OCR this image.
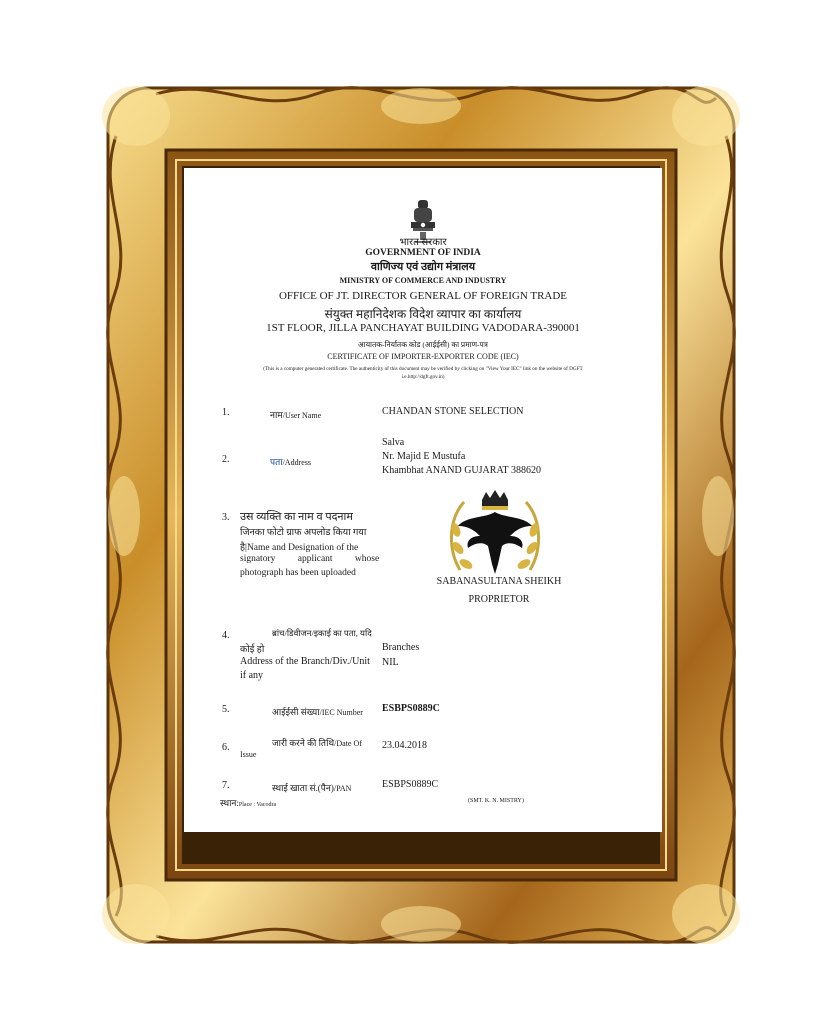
भारत सरकार
GOVERNMENT OF INDIA
वाणिज्य एवं उद्योग मंत्रालय
MINISTRY OF COMMERCE AND INDUSTRY
OFFICE OF JT. DIRECTOR GENERAL OF FOREIGN TRADE
संयुक्त महानिदेशक विदेश व्यापार का कार्यालय
1ST FLOOR, JILLA PANCHAYAT BUILDING VADODARA-390001
आयातक-निर्यातक कोड (आईईसी) का प्रमाण-पत्र
CERTIFICATE OF IMPORTER-EXPORTER CODE (IEC)
(This is a computer generated certificate. The authenticity of this document may be verified by clicking on "View Your IEC" link on the website of DGFT
i.e.http://dgft.gov.in)
1.	नाम/User Name	CHANDAN STONE SELECTION
2.	पता/Address
Salva
Nr. Majid E Mustufa
Khambhat ANAND GUJARAT 388620
3. उस व्यक्ति का नाम व पदनाम
जिनका फोटो ग्राफ अपलोड किया गया
है|Name and Designation of the
signatory applicant whose
photograph has been uploaded
SABANASULTANA SHEIKH
PROPRIETOR
4.	ब्रांच/डिवीजन/इकाई का पता, यदि
कोई हो
Address of the Branch/Div./Unit
if any
Branches
NIL
5.	आईईसी संख्या/IEC Number ESBPS0889C
6.	जारी करने की तिथि/Date Of
Issue
23.04.2018
7.	स्थाई खाता सं.(पैन)/PAN	ESBPS0889C
स्थान:Place : Vacodra
(SMT. K. N. MISTRY)
